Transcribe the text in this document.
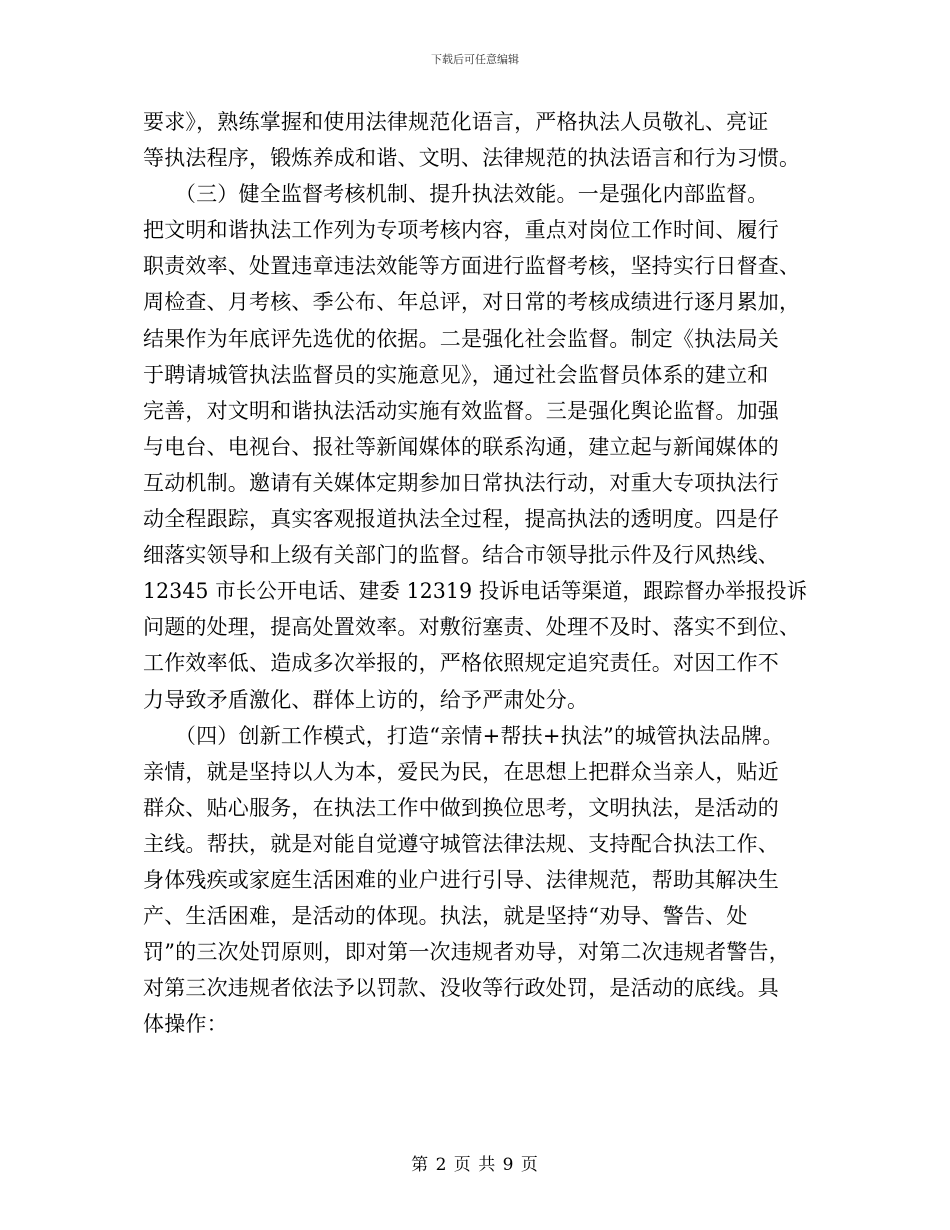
下载后可任意编辑
要求》，熟练掌握和使用法律规范化语言，严格执法人员敬礼、亮证
等执法程序，锻炼养成和谐、文明、法律规范的执法语言和行为习惯。
　　（三）健全监督考核机制、提升执法效能。一是强化内部监督。
把文明和谐执法工作列为专项考核内容，重点对岗位工作时间、履行
职责效率、处置违章违法效能等方面进行监督考核，坚持实行日督查、
周检查、月考核、季公布、年总评，对日常的考核成绩进行逐月累加，
结果作为年底评先选优的依据。二是强化社会监督。制定《执法局关
于聘请城管执法监督员的实施意见》，通过社会监督员体系的建立和
完善，对文明和谐执法活动实施有效监督。三是强化舆论监督。加强
与电台、电视台、报社等新闻媒体的联系沟通，建立起与新闻媒体的
互动机制。邀请有关媒体定期参加日常执法行动，对重大专项执法行
动全程跟踪，真实客观报道执法全过程，提高执法的透明度。四是仔
细落实领导和上级有关部门的监督。结合市领导批示件及行风热线、
12345 市长公开电话、建委 12319 投诉电话等渠道，跟踪督办举报投诉
问题的处理，提高处置效率。对敷衍塞责、处理不及时、落实不到位、
工作效率低、造成多次举报的，严格依照规定追究责任。对因工作不
力导致矛盾激化、群体上访的，给予严肃处分。
　　（四）创新工作模式，打造“亲情+帮扶+执法”的城管执法品牌。
亲情，就是坚持以人为本，爱民为民，在思想上把群众当亲人，贴近
群众、贴心服务，在执法工作中做到换位思考，文明执法，是活动的
主线。帮扶，就是对能自觉遵守城管法律法规、支持配合执法工作、
身体残疾或家庭生活困难的业户进行引导、法律规范，帮助其解决生
产、生活困难，是活动的体现。执法，就是坚持“劝导、警告、处
罚”的三次处罚原则，即对第一次违规者劝导，对第二次违规者警告，
对第三次违规者依法予以罚款、没收等行政处罚，是活动的底线。具
体操作：
第 2 页 共 9 页
